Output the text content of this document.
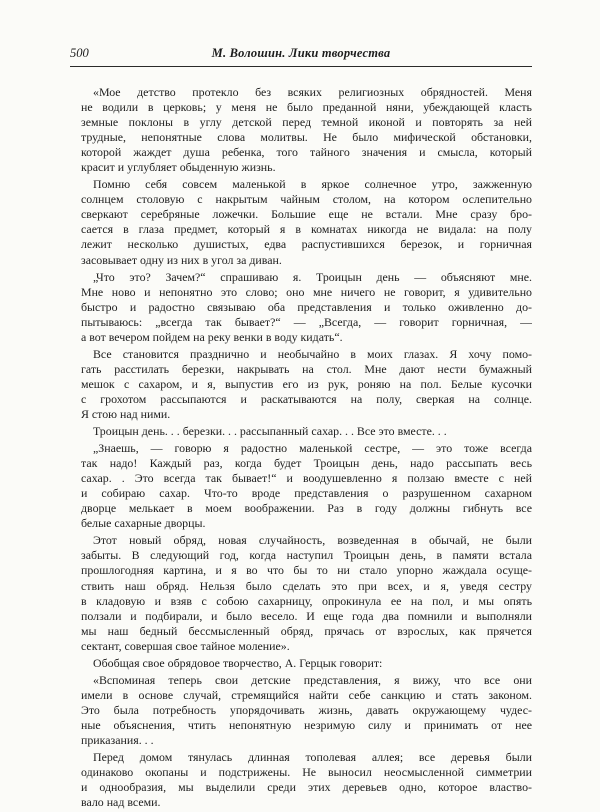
500	М. Волошин. Лики творчества
«Мое детство протекло без всяких религиозных обрядностей. Меня
не водили в церковь; у меня не было преданной няни, убеждающей класть
земные поклоны в углу детской перед темной иконой и повторять за ней
трудные, непонятные слова молитвы. Не было мифической обстановки,
которой жаждет душа ребенка, того тайного значения и смысла, который
красит и углубляет обыденную жизнь.
Помню себя совсем маленькой в яркое солнечное утро, зажженную
солнцем столовую с накрытым чайным столом, на котором ослепительно
сверкают серебряные ложечки. Большие еще не встали. Мне сразу бро-
сается в глаза предмет, который я в комнатах никогда не видала: на полу
лежит несколько душистых, едва распустившихся березок, и горничная
засовывает одну из них в угол за диван.
„Что это? Зачем?“ спрашиваю я. Троицын день — объясняют мне.
Мне ново и непонятно это слово; оно мне ничего не говорит, я удивительно
быстро и радостно связываю оба представления и только оживленно до-
пытываюсь: „всегда так бывает?“ — „Всегда, — говорит горничная, —
а вот вечером пойдем на реку венки в воду кидать“.
Все становится празднично и необычайно в моих глазах. Я хочу помо-
гать расстилать березки, накрывать на стол. Мне дают нести бумажный
мешок с сахаром, и я, выпустив его из рук, роняю на пол. Белые кусочки
с грохотом рассыпаются и раскатываются на полу, сверкая на солнце.
Я стою над ними.
Троицын день. . . березки. . . рассыпанный сахар. . . Все это вместе. . .
„Знаешь, — говорю я радостно маленькой сестре, — это тоже всегда
так надо! Каждый раз, когда будет Троицын день, надо рассыпать весь
сахар. . Это всегда так бывает!“ и воодушевленно я ползаю вместе с ней
и собираю сахар. Что-то вроде представления о разрушенном сахарном
дворце мелькает в моем воображении. Раз в году должны гибнуть все
белые сахарные дворцы.
Этот новый обряд, новая случайность, возведенная в обычай, не были
забыты. В следующий год, когда наступил Троицын день, в памяти встала
прошлогодняя картина, и я во что бы то ни стало упорно жаждала осуще-
ствить наш обряд. Нельзя было сделать это при всех, и я, уведя сестру
в кладовую и взяв с собою сахарницу, опрокинула ее на пол, и мы опять
ползали и подбирали, и было весело. И еще года два помнили и выполняли
мы наш бедный бессмысленный обряд, прячась от взрослых, как прячется
сектант, совершая свое тайное моление».
Обобщая свое обрядовое творчество, А. Герцык говорит:
«Вспоминая теперь свои детские представления, я вижу, что все они
имели в основе случай, стремящийся найти себе санкцию и стать законом.
Это была потребность упорядочивать жизнь, давать окружающему чудес-
ные объяснения, чтить непонятную незримую силу и принимать от нее
приказания. . .
Перед домом тянулась длинная тополевая аллея; все деревья были
одинаково окопаны и подстрижены. Не выносил неосмысленной симметрии
и однообразия, мы выделили среди этих деревьев одно, которое властво-
вало над всеми.
